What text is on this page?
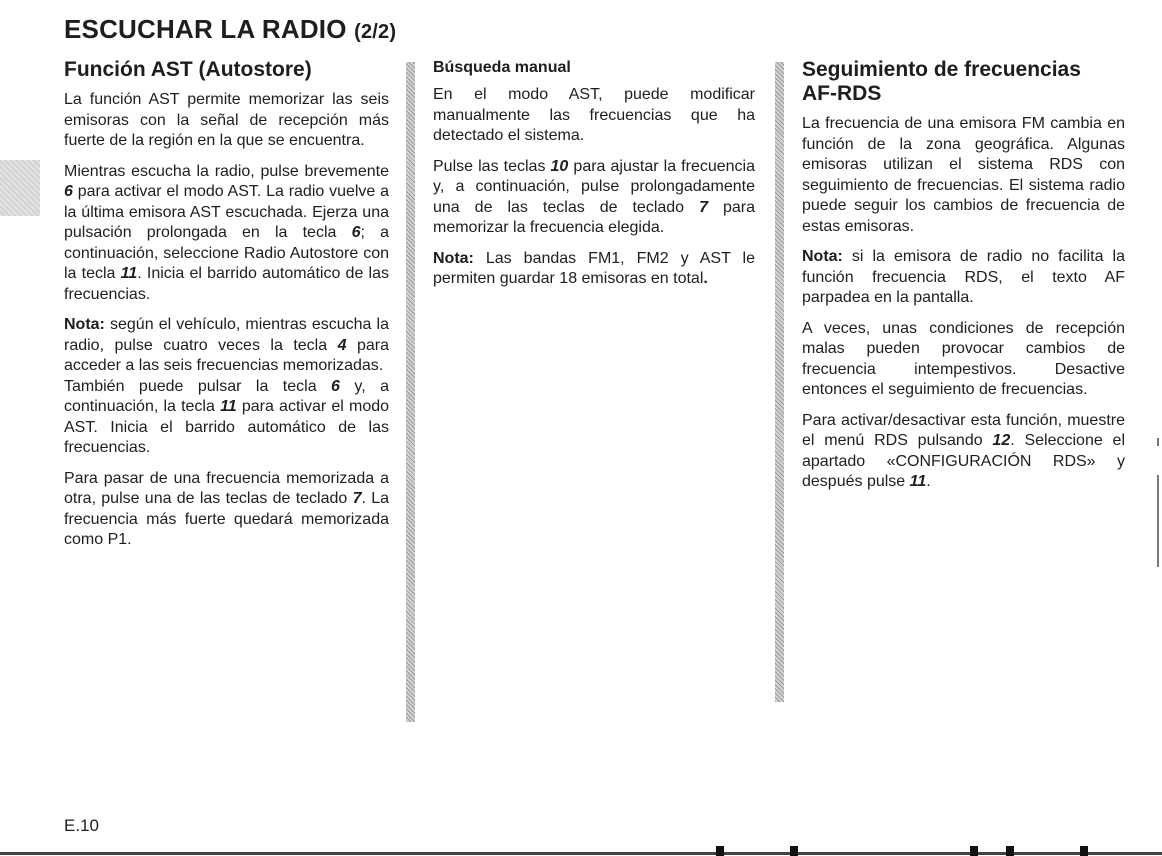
ESCUCHAR LA RADIO (2/2)
Función AST (Autostore)

La función AST permite memorizar las seis emisoras con la señal de recepción más fuerte de la región en la que se encuentra.

Mientras escucha la radio, pulse brevemente 6 para activar el modo AST. La radio vuelve a la última emisora AST escuchada. Ejerza una pulsación prolongada en la tecla 6; a continuación, seleccione Radio Autostore con la tecla 11. Inicia el barrido automático de las frecuencias.

Nota: según el vehículo, mientras escucha la radio, pulse cuatro veces la tecla 4 para acceder a las seis frecuencias memorizadas.

También puede pulsar la tecla 6 y, a continuación, la tecla 11 para activar el modo AST. Inicia el barrido automático de las frecuencias.

Para pasar de una frecuencia memorizada a otra, pulse una de las teclas de teclado 7. La frecuencia más fuerte quedará memorizada como P1.

Búsqueda manual

En el modo AST, puede modificar manualmente las frecuencias que ha detectado el sistema.

Pulse las teclas 10 para ajustar la frecuencia y, a continuación, pulse prolongadamente una de las teclas de teclado 7 para memorizar la frecuencia elegida.

Nota: Las bandas FM1, FM2 y AST le permiten guardar 18 emisoras en total.

Seguimiento de frecuencias
AF-RDS

La frecuencia de una emisora FM cambia en función de la zona geográfica. Algunas emisoras utilizan el sistema RDS con seguimiento de frecuencias. El sistema radio puede seguir los cambios de frecuencia de estas emisoras.

Nota: si la emisora de radio no facilita la función frecuencia RDS, el texto AF parpadea en la pantalla.

A veces, unas condiciones de recepción malas pueden provocar cambios de frecuencia intempestivos. Desactive entonces el seguimiento de frecuencias.

Para activar/desactivar esta función, muestre el menú RDS pulsando 12. Seleccione el apartado «CONFIGURACIÓN RDS» y después pulse 11.

E.10
